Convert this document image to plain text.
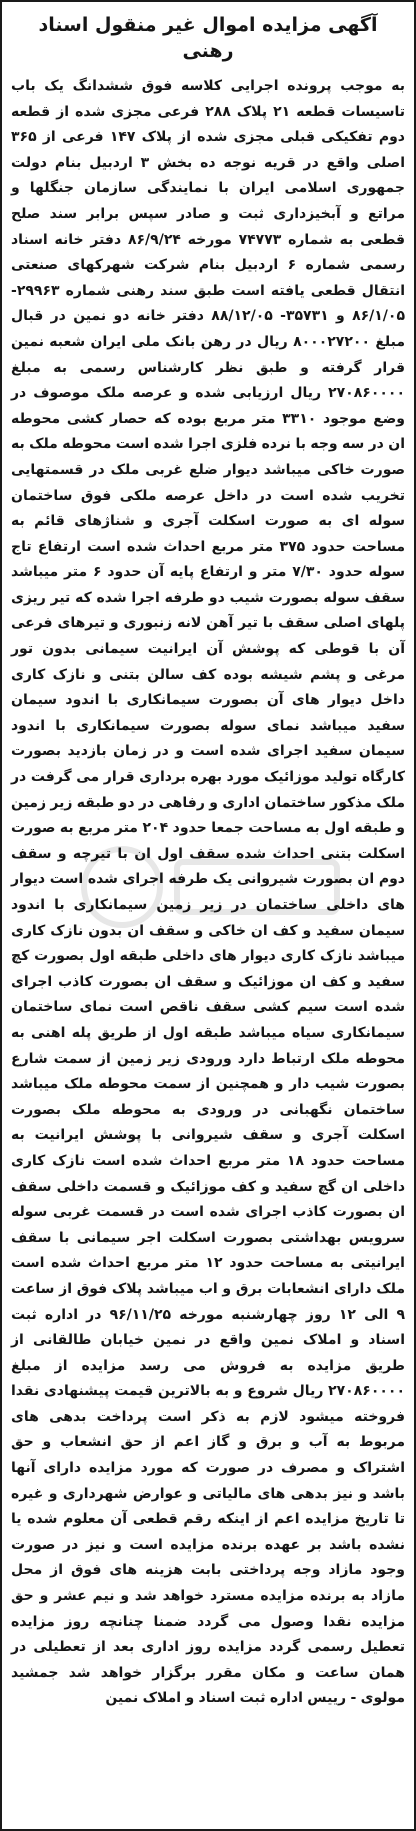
آگهی مزایده اموال غیر منقول اسناد رهنی
به موجب پرونده اجرایی کلاسه فوق ششدانگ یک باب تاسیسات قطعه ۲۱ پلاک ۲۸۸ فرعی مجزی شده از قطعه دوم تفکیکی قبلی مجزی شده از پلاک ۱۴۷ فرعی از ۳۶۵ اصلی واقع در قریه نوجه ده بخش ۳ اردبیل بنام دولت جمهوری اسلامی ایران با نمایندگی سازمان جنگلها و مراتع و آبخیزداری ثبت و صادر سپس برابر سند صلح قطعی به شماره ۷۴۷۷۳ مورخه ۸۶/۹/۲۴ دفتر خانه اسناد رسمی شماره ۶ اردبیل بنام شرکت شهرکهای صنعتی انتقال قطعی یافته است طبق سند رهنی شماره ۲۹۹۶۳- ۸۶/۱/۰۵ و ۳۵۷۳۱- ۸۸/۱۲/۰۵ دفتر خانه دو نمین در قبال مبلغ ۸۰۰۰۲۷۲۰۰ ریال در رهن بانک ملی ایران شعبه نمین قرار گرفته و طبق نظر کارشناس رسمی به مبلغ ۲۷۰۸۶۰۰۰۰ ریال ارزیابی شده و عرصه ملک موصوف در وضع موجود ۳۳۱۰ متر مربع بوده که حصار کشی محوطه ان در سه وجه با نرده فلزی اجرا شده است محوطه ملک به صورت خاکی میباشد دیوار ضلع غربی ملک در قسمتهایی تخریب شده است در داخل عرصه ملکی فوق ساختمان سوله ای به صورت اسکلت آجری و شناژهای قائم به مساحت حدود ۳۷۵ متر مربع احداث شده است ارتفاع تاج سوله حدود ۷/۳۰ متر و ارتفاع پایه آن حدود ۶ متر میباشد سقف سوله بصورت شیب دو طرفه اجرا شده که تیر ریزی پلهای اصلی سقف با تیر آهن لانه زنبوری و تیرهای فرعی آن با قوطی که پوشش آن ایرانیت سیمانی بدون تور مرغی و پشم شیشه بوده کف سالن بتنی و نازک کاری داخل دیوار های آن بصورت سیمانکاری با اندود سیمان سفید میباشد نمای سوله بصورت سیمانکاری با اندود سیمان سفید اجرای شده است و در زمان بازدید بصورت کارگاه تولید موزائیک مورد بهره برداری قرار می گرفت در ملک مذکور ساختمان اداری و رفاهی در دو طبقه زیر زمین و طبقه اول به مساحت جمعا حدود ۲۰۴ متر مربع به صورت اسکلت بتنی احداث شده سقف اول ان با تیرچه و سقف دوم ان بصورت شیروانی یک طرفه اجرای شده است دیوار های داخلی ساختمان در زیر زمین سیمانکاری با اندود سیمان سفید و کف ان خاکی و سقف ان بدون نازک کاری میباشد نازک کاری دیوار های داخلی طبقه اول بصورت کچ سفید و کف ان موزائیک و سقف ان بصورت کاذب اجرای شده است سیم کشی سقف ناقص است نمای ساختمان سیمانکاری سیاه میباشد طبقه اول از طریق پله اهنی به محوطه ملک ارتباط دارد ورودی زیر زمین از سمت شارع بصورت شیب دار و همچنین از سمت محوطه ملک میباشد ساختمان نگهبانی در ورودی به محوطه ملک بصورت اسکلت آجری و سقف شیروانی با پوشش ایرانیت به مساحت حدود ۱۸ متر مربع احداث شده است نازک کاری داخلی ان گچ سفید و کف موزائیک و قسمت داخلی سقف ان بصورت کاذب اجرای شده است در قسمت غربی سوله سرویس بهداشتی بصورت اسکلت اجر سیمانی با سقف ایرانیتی به مساحت حدود ۱۲ متر مربع احداث شده است ملک دارای انشعابات برق و اب میباشد پلاک فوق از ساعت ۹ الی ۱۲ روز چهارشنبه مورخه ۹۶/۱۱/۲۵ در اداره ثبت اسناد و املاک نمین واقع در نمین خیابان طالقانی از طریق مزایده به فروش می رسد مزایده از مبلغ ۲۷۰۸۶۰۰۰۰ ریال شروع و به بالاترین قیمت پیشنهادی نقدا فروخته میشود لازم به ذکر است پرداخت بدهی های مربوط به آب و برق و گاز اعم از حق انشعاب و حق اشتراک و مصرف در صورت که مورد مزایده دارای آنها باشد و نیز بدهی های مالیاتی و عوارض شهرداری و غیره تا تاریخ مزایده اعم از اینکه رقم قطعی آن معلوم شده یا نشده باشد بر عهده برنده مزایده است و نیز در صورت وجود مازاد وجه پرداختی بابت هزینه های فوق از محل مازاد به برنده مزایده مسترد خواهد شد و نیم عشر و حق مزایده نقدا وصول می گردد ضمنا چنانچه روز مزایده تعطیل رسمی گردد مزایده روز اداری بعد از تعطیلی در همان ساعت و مکان مقرر برگزار خواهد شد جمشید مولوی - رییس اداره ثبت اسناد و املاک نمین
